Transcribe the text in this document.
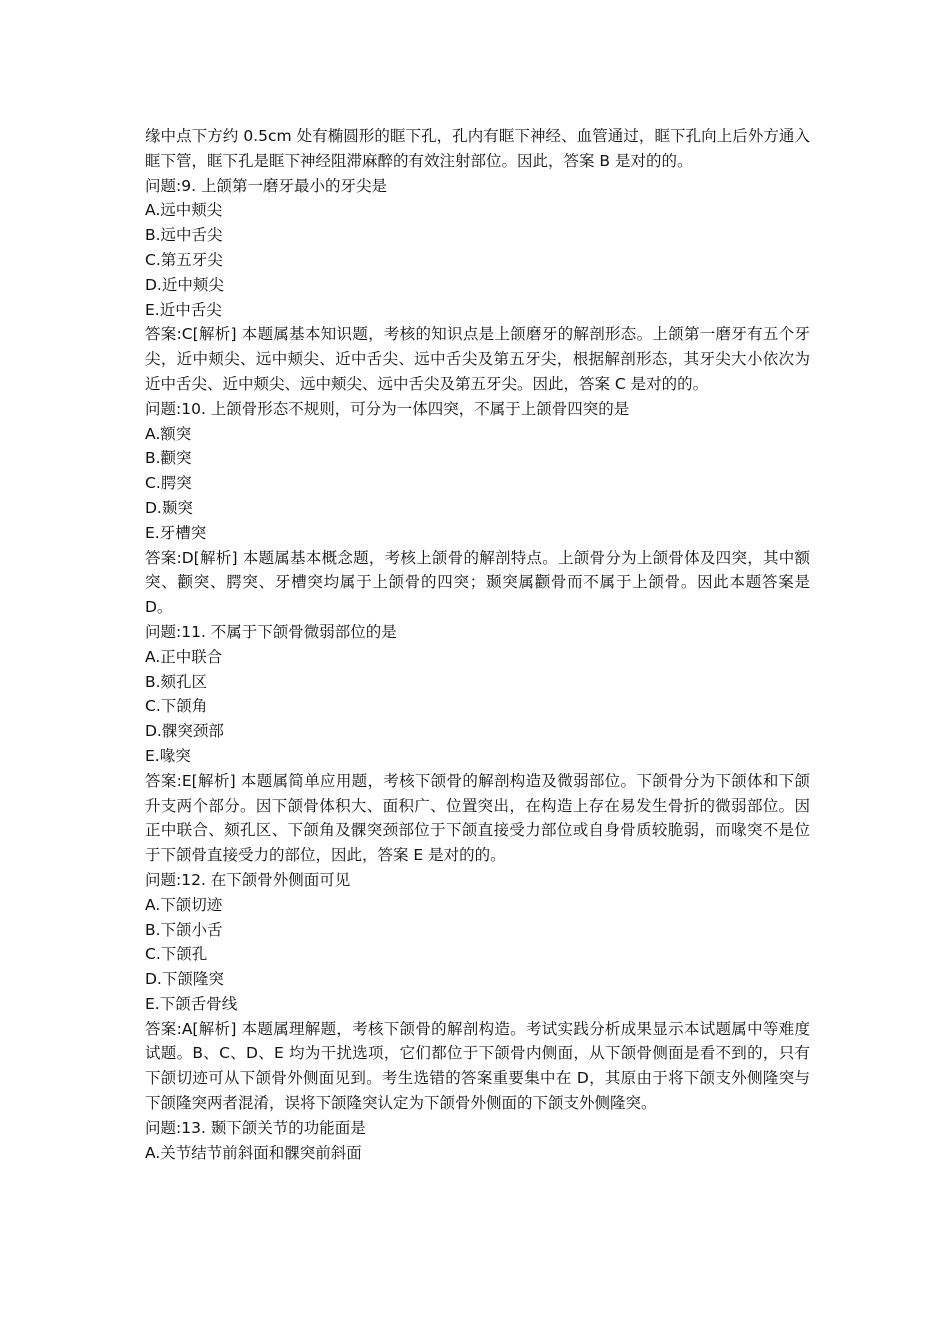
缘中点下方约 0.5cm 处有椭圆形的眶下孔，孔内有眶下神经、血管通过，眶下孔向上后外方通入眶下管，眶下孔是眶下神经阻滞麻醉的有效注射部位。因此，答案 B 是对的的。

问题:9. 上颌第一磨牙最小的牙尖是

A.远中颊尖

B.远中舌尖

C.第五牙尖

D.近中颊尖

E.近中舌尖

答案:C[解析] 本题属基本知识题，考核的知识点是上颌磨牙的解剖形态。上颌第一磨牙有五个牙尖，近中颊尖、远中颊尖、近中舌尖、远中舌尖及第五牙尖，根据解剖形态，其牙尖大小依次为近中舌尖、近中颊尖、远中颊尖、远中舌尖及第五牙尖。因此，答案 C 是对的的。

问题:10. 上颌骨形态不规则，可分为一体四突，不属于上颌骨四突的是

A.额突

B.颧突

C.腭突

D.颞突

E.牙槽突

答案:D[解析] 本题属基本概念题，考核上颌骨的解剖特点。上颌骨分为上颌骨体及四突，其中额突、颧突、腭突、牙槽突均属于上颌骨的四突；颞突属颧骨而不属于上颌骨。因此本题答案是 D。

问题:11. 不属于下颌骨微弱部位的是

A.正中联合

B.颏孔区

C.下颌角

D.髁突颈部

E.喙突

答案:E[解析] 本题属简单应用题，考核下颌骨的解剖构造及微弱部位。下颌骨分为下颌体和下颌升支两个部分。因下颌骨体积大、面积广、位置突出，在构造上存在易发生骨折的微弱部位。因正中联合、颏孔区、下颌角及髁突颈部位于下颌直接受力部位或自身骨质较脆弱，而喙突不是位于下颌骨直接受力的部位，因此，答案 E 是对的的。

问题:12. 在下颌骨外侧面可见

A.下颌切迹

B.下颌小舌

C.下颌孔

D.下颌隆突

E.下颌舌骨线

答案:A[解析] 本题属理解题，考核下颌骨的解剖构造。考试实践分析成果显示本试题属中等难度试题。B、C、D、E 均为干扰选项，它们都位于下颌骨内侧面，从下颌骨侧面是看不到的，只有下颌切迹可从下颌骨外侧面见到。考生选错的答案重要集中在 D，其原由于将下颌支外侧隆突与下颌隆突两者混淆，误将下颌隆突认定为下颌骨外侧面的下颌支外侧隆突。

问题:13. 颞下颌关节的功能面是

A.关节结节前斜面和髁突前斜面
